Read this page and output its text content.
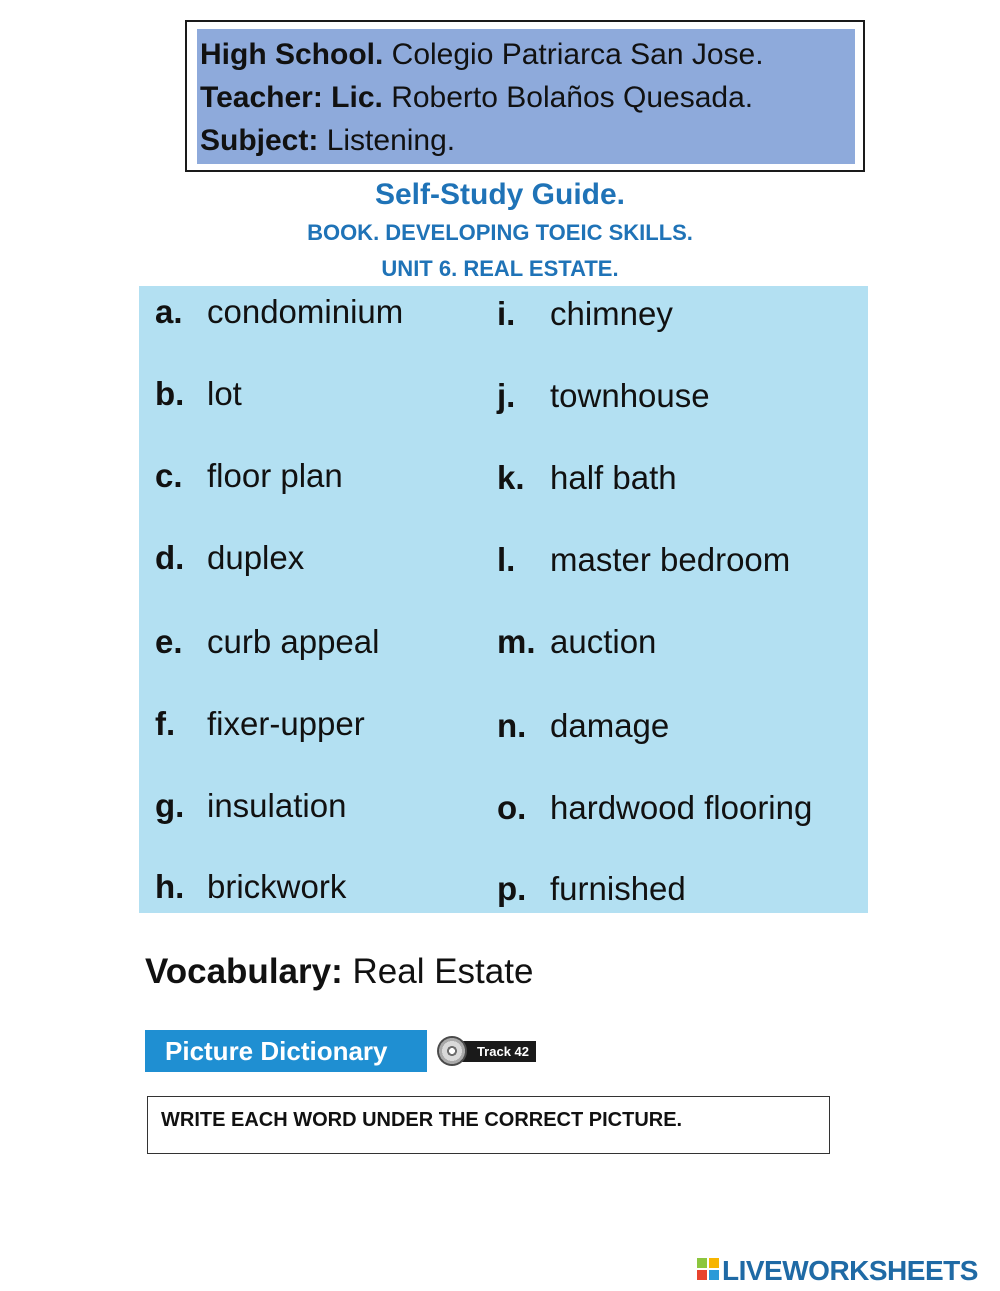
High School. Colegio Patriarca San Jose.
Teacher: Lic. Roberto Bolaños Quesada.
Subject: Listening.
Self-Study Guide.
BOOK. DEVELOPING TOEIC SKILLS.
UNIT 6. REAL ESTATE.
a. condominium
b. lot
c. floor plan
d. duplex
e. curb appeal
f. fixer-upper
g. insulation
h. brickwork
i. chimney
j. townhouse
k. half bath
l. master bedroom
m. auction
n. damage
o. hardwood flooring
p. furnished
Vocabulary: Real Estate
Picture Dictionary	Track 42
WRITE EACH WORD UNDER THE CORRECT PICTURE.
LIVEWORKSHEETS
